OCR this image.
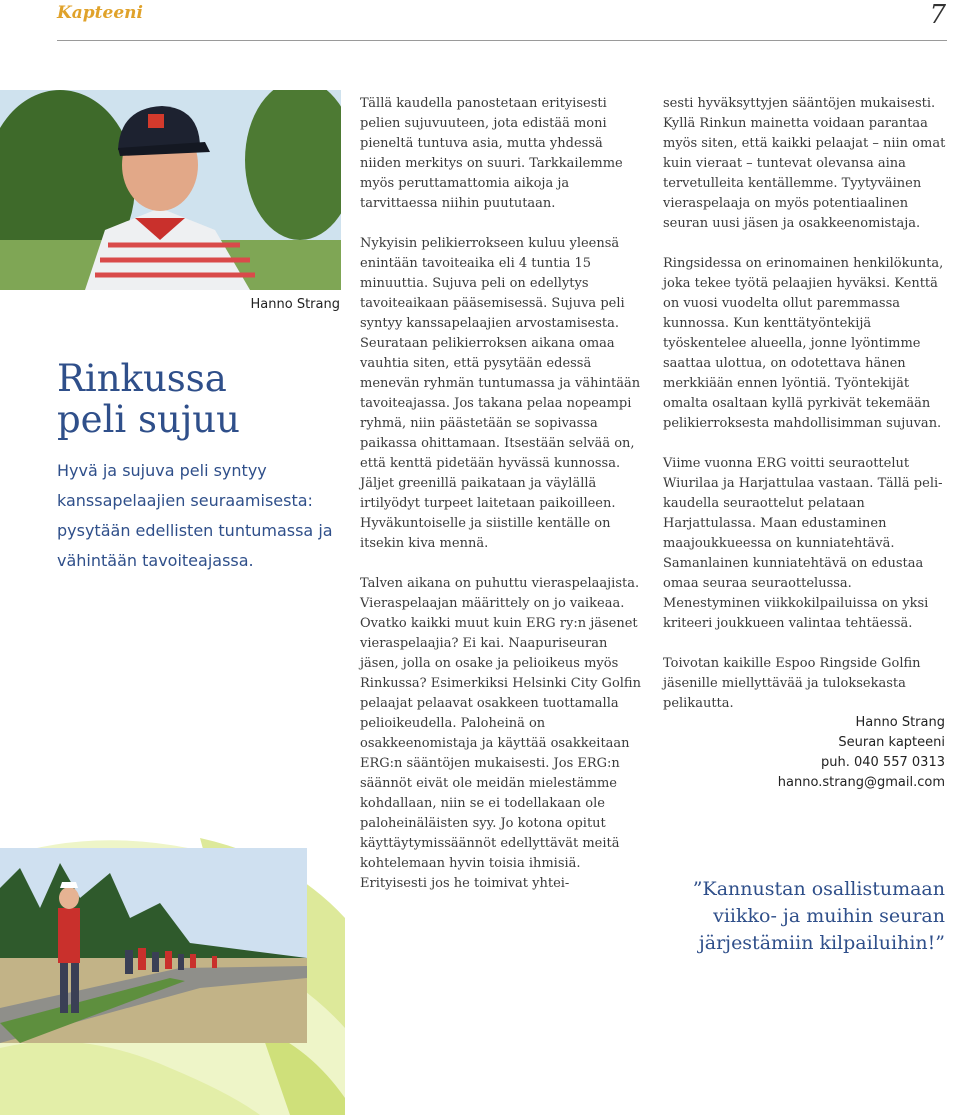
Kapteeni	7
Hanno Strang
Rinkussa
peli sujuu
Hyvä ja sujuva peli syntyy kanssapelaajien seuraamisesta: pysytään edellisten tuntumassa ja vähintään tavoiteajassa.

Tällä kaudella panostetaan erityisesti pelien sujuvuuteen, jota edistää moni pieneltä tuntuva asia, mutta yhdessä niiden merkitys on suuri. Tarkkailemme myös peruttamattomia aikoja ja tarvittaessa niihin puututaan.

Nykyisin pelikierrokseen kuluu yleensä enintään tavoiteaika eli 4 tuntia 15 minuuttia. Sujuva peli on edellytys tavoiteaikaan pääsemisessä. Sujuva peli syntyy kanssapelaajien arvostamisesta. Seurataan pelikierroksen aikana omaa vauhtia siten, että pysytään edessä menevän ryhmän tuntumassa ja vähintään tavoiteajassa. Jos takana pelaa nopeampi ryhmä, niin päästetään se sopivassa paikassa ohittamaan. Itsestään selvää on, että kenttä pidetään hyvässä kunnossa. Jäljet greenillä paikataan ja väylällä irtilyödyt turpeet laitetaan paikoilleen. Hyväkuntoiselle ja siistille kentälle on itsekin kiva mennä.

Talven aikana on puhuttu vieraspelaajista. Vieraspelaajan määrittely on jo vaikeaa. Ovatko kaikki muut kuin ERG ry:n jäsenet vieraspelaajia? Ei kai. Naapuriseuran jäsen, jolla on osake ja pelioikeus myös Rinkussa? Esimerkiksi Helsinki City Golfin pelaajat pelaavat osakkeen tuottamalla pelioikeudella. Paloheinä on osakkeenomistaja ja käyttää osakkeitaan ERG:n sääntöjen mukaisesti. Jos ERG:n säännöt eivät ole meidän mielestämme kohdallaan, niin se ei todellakaan ole paloheinäläisten syy. Jo kotona opitut käyttäytymissäännöt edellyttävät meitä kohtelemaan hyvin toisia ihmisiä. Erityisesti jos he toimivat yhtei-

sesti hyväksyttyjen sääntöjen mukaisesti. Kyllä Rinkun mainetta voidaan parantaa myös siten, että kaikki pelaajat – niin omat kuin vieraat – tuntevat olevansa aina tervetulleita kentällemme. Tyytyväinen vieraspelaaja on myös potentiaalinen seuran uusi jäsen ja osakkeenomistaja.

Ringsidessa on erinomainen henkilökunta, joka tekee työtä pelaajien hyväksi. Kenttä on vuosi vuodelta ollut paremmassa kunnossa. Kun kenttätyöntekijä työskentelee alueella, jonne lyöntimme saattaa ulottua, on odotettava hänen merkkiään ennen lyöntiä. Työntekijät omalta osaltaan kyllä pyrkivät tekemään pelikierroksesta mahdollisimman sujuvan.

Viime vuonna ERG voitti seuraottelut Wiurilaa ja Harjattulaa vastaan. Tällä pelikaudella seuraottelut pelataan Harjattulassa. Maan edustaminen maajoukkueessa on kunniatehtävä. Samanlainen kunniatehtävä on edustaa omaa seuraa seuraottelussa. Menestyminen viikkokilpailuissa on yksi kriteeri joukkueen valintaa tehtäessä.

Toivotan kaikille Espoo Ringside Golfin jäsenille miellyttävää ja tuloksekasta pelikautta.

Hanno Strang
Seuran kapteeni
puh. 040 557 0313
hanno.strang@gmail.com
”Kannustan osallistumaan viikko- ja muihin seuran järjestämiin kilpailuihin!”
